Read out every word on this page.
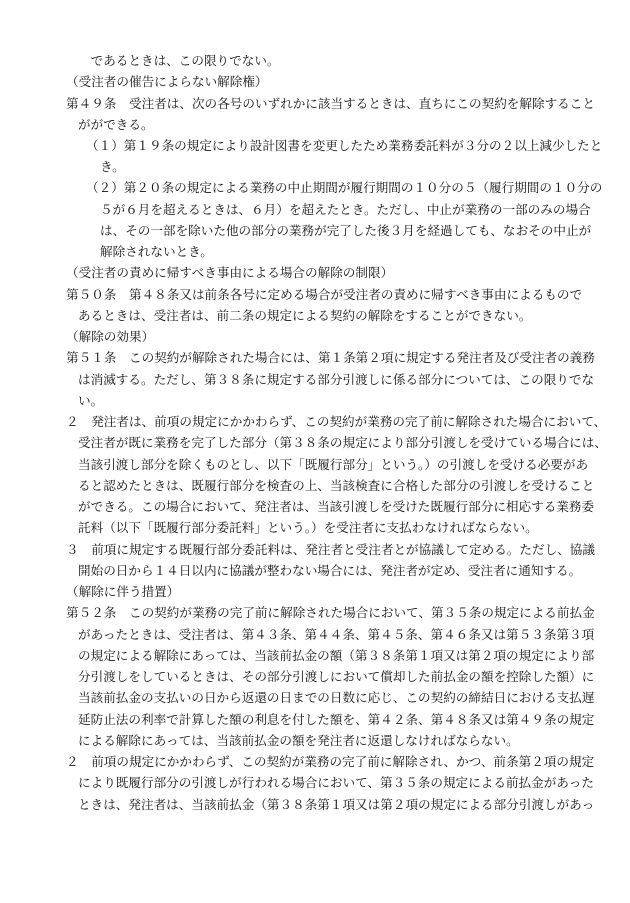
　であるときは、この限りでない。
（受注者の催告によらない解除権）
第４９条　受注者は、次の各号のいずれかに該当するときは、直ちにこの契約を解除すること
がができる。
（１）第１９条の規定により設計図書を変更したため業務委託料が３分の２以上減少したと
き。
（２）第２０条の規定による業務の中止期間が履行期間の１０分の５（履行期間の１０分の
５が６月を超えるときは、６月）を超えたとき。ただし、中止が業務の一部のみの場合
は、その一部を除いた他の部分の業務が完了した後３月を経過しても、なおその中止が
解除されないとき。
（受注者の責めに帰すべき事由による場合の解除の制限）
第５０条　第４８条又は前条各号に定める場合が受注者の責めに帰すべき事由によるもので
あるときは、受注者は、前二条の規定による契約の解除をすることができない。
（解除の効果）
第５１条　この契約が解除された場合には、第１条第２項に規定する発注者及び受注者の義務
は消滅する。ただし、第３８条に規定する部分引渡しに係る部分については、この限りでな
い。
２　発注者は、前項の規定にかかわらず、この契約が業務の完了前に解除された場合において、
受注者が既に業務を完了した部分（第３８条の規定により部分引渡しを受けている場合には、
当該引渡し部分を除くものとし、以下「既履行部分」という。）の引渡しを受ける必要があ
ると認めたときは、既履行部分を検査の上、当該検査に合格した部分の引渡しを受けること
ができる。この場合において、発注者は、当該引渡しを受けた既履行部分に相応する業務委
託料（以下「既履行部分委託料」という。）を受注者に支払わなければならない。
３　前項に規定する既履行部分委託料は、発注者と受注者とが協議して定める。ただし、協議
開始の日から１４日以内に協議が整わない場合には、発注者が定め、受注者に通知する。
（解除に伴う措置）
第５２条　この契約が業務の完了前に解除された場合において、第３５条の規定による前払金
があったときは、受注者は、第４３条、第４４条、第４５条、第４６条又は第５３条第３項
の規定による解除にあっては、当該前払金の額（第３８条第１項又は第２項の規定により部
分引渡しをしているときは、その部分引渡しにおいて償却した前払金の額を控除した額）に
当該前払金の支払いの日から返還の日までの日数に応じ、この契約の締結日における支払遅
延防止法の利率で計算した額の利息を付した額を、第４２条、第４８条又は第４９条の規定
による解除にあっては、当該前払金の額を発注者に返還しなければならない。
２　前項の規定にかかわらず、この契約が業務の完了前に解除され、かつ、前条第２項の規定
により既履行部分の引渡しが行われる場合において、第３５条の規定による前払金があった
ときは、発注者は、当該前払金（第３８条第１項又は第２項の規定による部分引渡しがあっ
